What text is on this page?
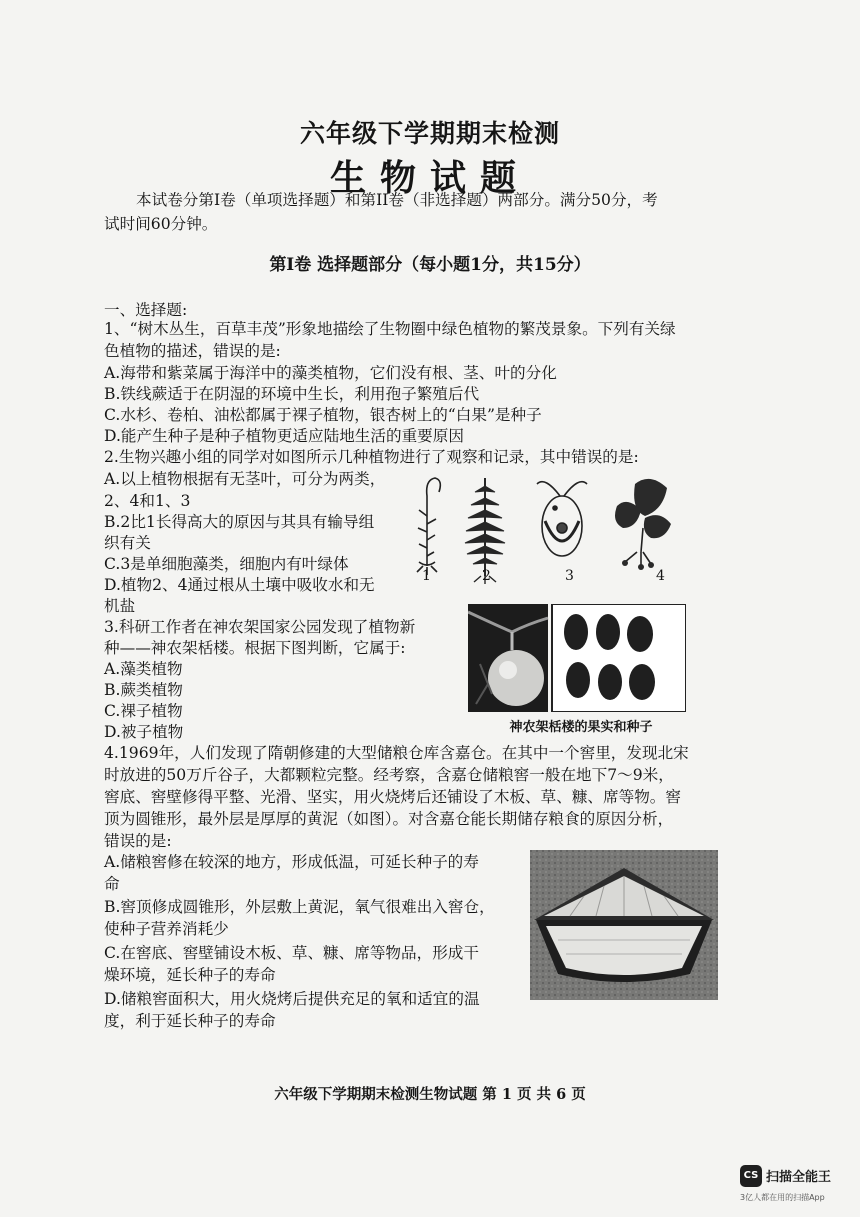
六年级下学期期末检测
生物试题
本试卷分第Ⅰ卷（单项选择题）和第II卷（非选择题）两部分。满分50分，考
试时间60分钟。
第Ⅰ卷 选择题部分（每小题1分，共15分）
一、选择题:
1、“树木丛生，百草丰茂”形象地描绘了生物圈中绿色植物的繁茂景象。下列有关绿
色植物的描述，错误的是:
A.海带和紫菜属于海洋中的藻类植物，它们没有根、茎、叶的分化
B.铁线蕨适于在阴湿的环境中生长，利用孢子繁殖后代
C.水杉、卷柏、油松都属于裸子植物，银杏树上的“白果”是种子
D.能产生种子是种子植物更适应陆地生活的重要原因
2.生物兴趣小组的同学对如图所示几种植物进行了观察和记录，其中错误的是:
A.以上植物根据有无茎叶，可分为两类，
2、4和1、3
B.2比1长得高大的原因与其具有输导组
织有关
C.3是单细胞藻类，细胞内有叶绿体
D.植物2、4通过根从土壤中吸收水和无
机盐
1	2	3	4
3.科研工作者在神农架国家公园发现了植物新
种——神农架栝楼。根据下图判断，它属于:
A.藻类植物
B.蕨类植物
C.裸子植物
D.被子植物	神农架栝楼的果实和种子
4.1969年，人们发现了隋朝修建的大型储粮仓库含嘉仓。在其中一个窖里，发现北宋
时放进的50万斤谷子，大都颗粒完整。经考察，含嘉仓储粮窖一般在地下7～9米，
窖底、窖壁修得平整、光滑、坚实，用火烧烤后还铺设了木板、草、糠、席等物。窖
顶为圆锥形，最外层是厚厚的黄泥（如图）。对含嘉仓能长期储存粮食的原因分析，
错误的是:
A.储粮窖修在较深的地方，形成低温，可延长种子的寿
命
B.窖顶修成圆锥形，外层敷上黄泥，氧气很难出入窖仓，
使种子营养消耗少
C.在窖底、窖壁铺设木板、草、糠、席等物品，形成干
燥环境，延长种子的寿命
D.储粮窖面积大，用火烧烤后提供充足的氧和适宜的温
度，利于延长种子的寿命
六年级下学期期末检测生物试题 第 1 页 共 6 页
CS 扫描全能王
3亿人都在用的扫描App
